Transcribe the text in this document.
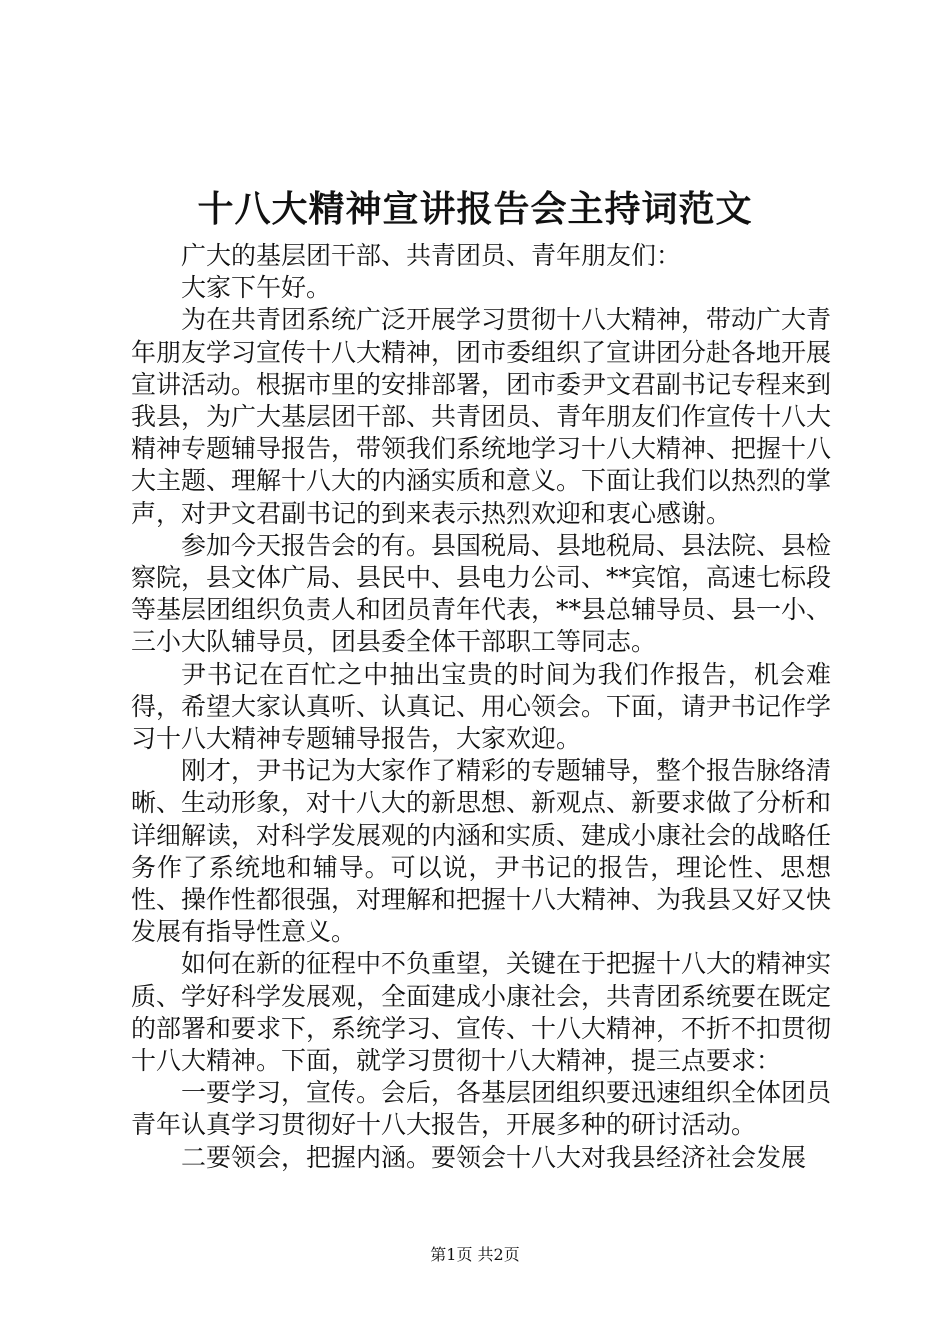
十八大精神宣讲报告会主持词范文

广大的基层团干部、共青团员、青年朋友们：

大家下午好。

为在共青团系统广泛开展学习贯彻十八大精神，带动广大青年朋友学习宣传十八大精神，团市委组织了宣讲团分赴各地开展宣讲活动。根据市里的安排部署，团市委尹文君副书记专程来到我县，为广大基层团干部、共青团员、青年朋友们作宣传十八大精神专题辅导报告，带领我们系统地学习十八大精神、把握十八大主题、理解十八大的内涵实质和意义。下面让我们以热烈的掌声，对尹文君副书记的到来表示热烈欢迎和衷心感谢。

参加今天报告会的有。县国税局、县地税局、县法院、县检察院，县文体广局、县民中、县电力公司、**宾馆，高速七标段等基层团组织负责人和团员青年代表，**县总辅导员、县一小、三小大队辅导员，团县委全体干部职工等同志。

尹书记在百忙之中抽出宝贵的时间为我们作报告，机会难得，希望大家认真听、认真记、用心领会。下面，请尹书记作学习十八大精神专题辅导报告，大家欢迎。

刚才，尹书记为大家作了精彩的专题辅导，整个报告脉络清晰、生动形象，对十八大的新思想、新观点、新要求做了分析和详细解读，对科学发展观的内涵和实质、建成小康社会的战略任务作了系统地和辅导。可以说，尹书记的报告，理论性、思想性、操作性都很强，对理解和把握十八大精神、为我县又好又快发展有指导性意义。

如何在新的征程中不负重望，关键在于把握十八大的精神实质、学好科学发展观，全面建成小康社会，共青团系统要在既定的部署和要求下，系统学习、宣传、十八大精神，不折不扣贯彻十八大精神。下面，就学习贯彻十八大精神，提三点要求：

一要学习，宣传。会后，各基层团组织要迅速组织全体团员青年认真学习贯彻好十八大报告，开展多种的研讨活动。

二要领会，把握内涵。要领会十八大对我县经济社会发展

第1页 共2页
